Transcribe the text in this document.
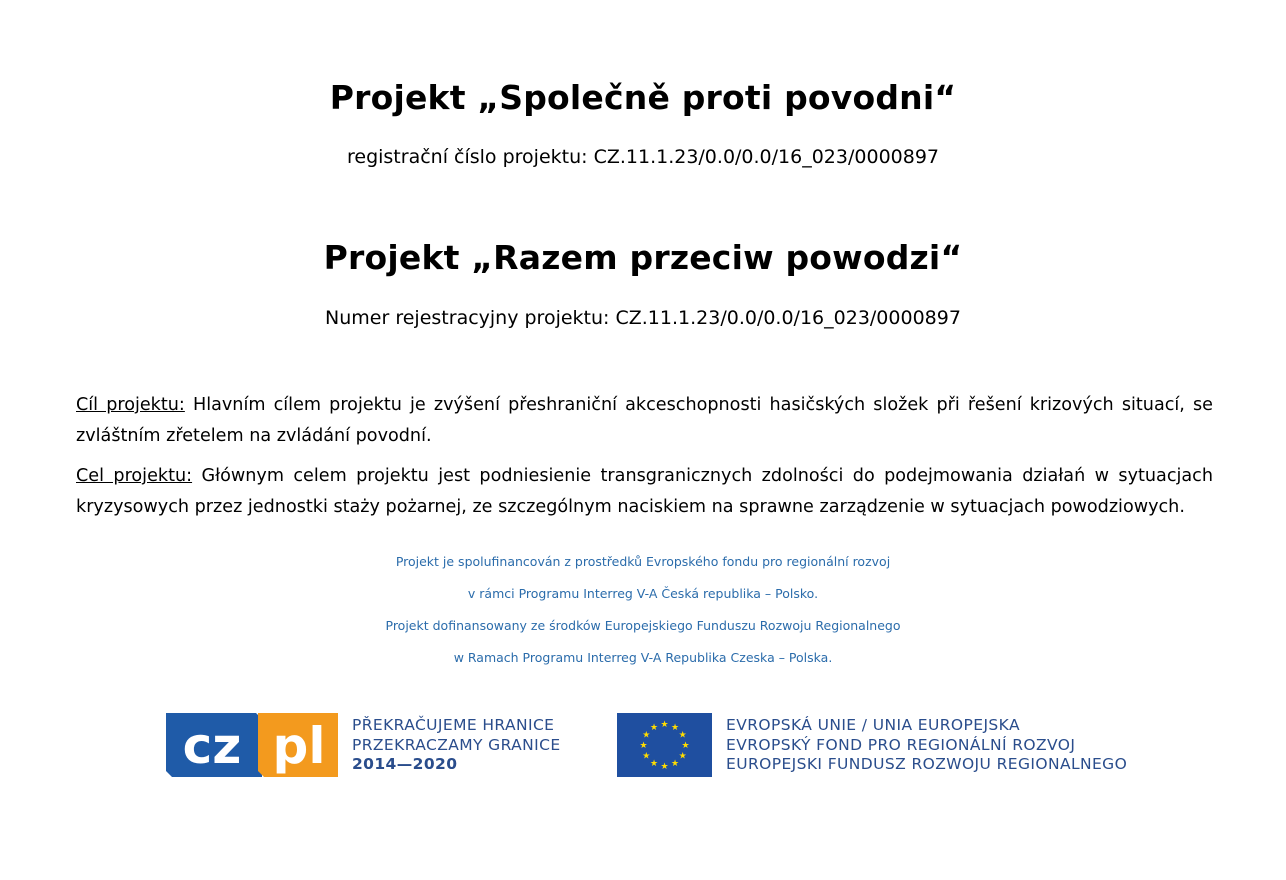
Projekt „Společně proti povodni“
registrační číslo projektu: CZ.11.1.23/0.0/0.0/16_023/0000897
Projekt „Razem przeciw powodzi“
Numer rejestracyjny projektu: CZ.11.1.23/0.0/0.0/16_023/0000897
Cíl projektu: Hlavním cílem projektu je zvýšení přeshraniční akceschopnosti hasičských složek při řešení krizových situací, se zvláštním zřetelem na zvládání povodní.
Cel projektu: Głównym celem projektu jest podniesienie transgranicznych zdolności do podejmowania działań w sytuacjach kryzysowych przez jednostki staży pożarnej, ze szczególnym naciskiem na sprawne zarządzenie w sytuacjach powodziowych.
Projekt je spolufinancován z prostředků Evropského fondu pro regionální rozvoj
v rámci Programu Interreg V-A Česká republika – Polsko.
Projekt dofinansowany ze środków Europejskiego Funduszu Rozwoju Regionalnego
w Ramach Programu Interreg V-A Republika Czeska – Polska.
cz pl PŘEKRAČUJEME HRANICE
PRZEKRACZAMY GRANICE
2014—2020
★ ★
★
★
★
★
★
★
★
★
★
★	EVROPSKÁ UNIE / UNIA EUROPEJSKA
EVROPSKÝ FOND PRO REGIONÁLNÍ ROZVOJ
EUROPEJSKI FUNDUSZ ROZWOJU REGIONALNEGO
